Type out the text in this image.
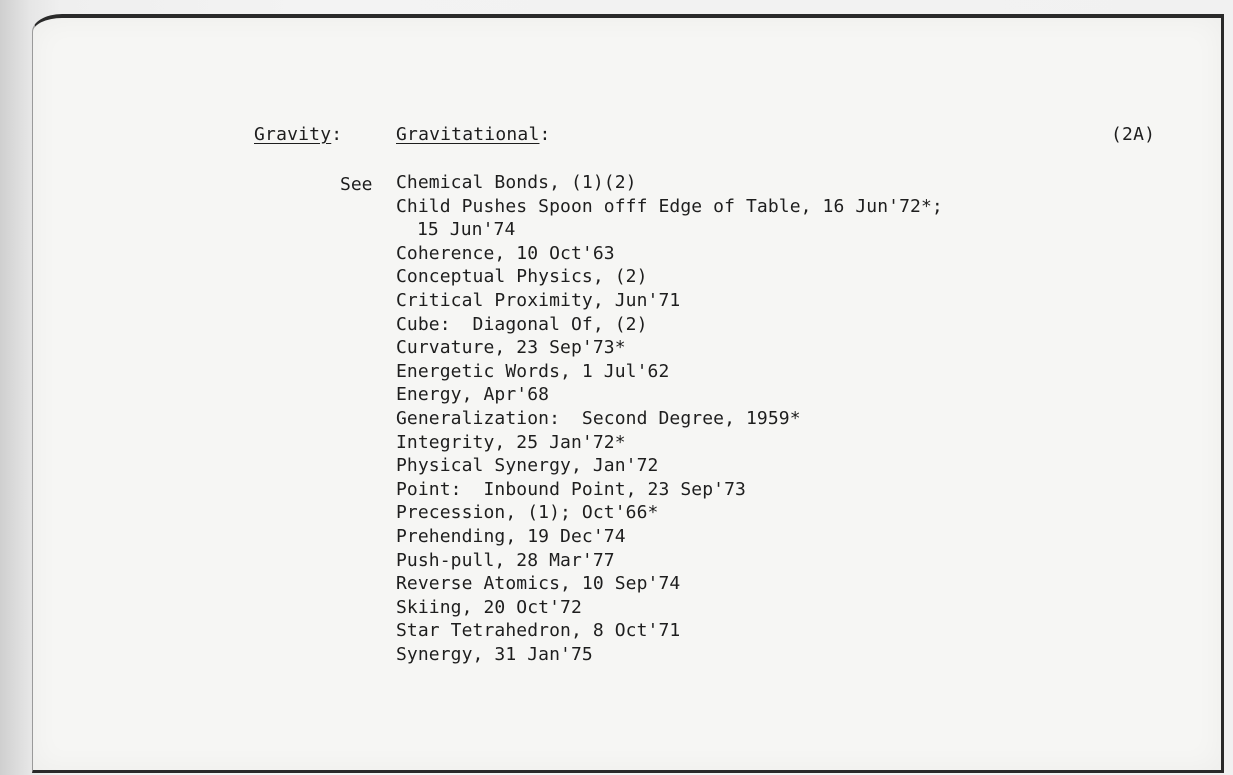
Gravity:	Gravitational:	(2A)
See Chemical Bonds, (1)(2)
Child Pushes Spoon offf Edge of Table, 16 Jun'72*;
15 Jun'74
Coherence, 10 Oct'63
Conceptual Physics, (2)
Critical Proximity, Jun'71
Cube:  Diagonal Of, (2)
Curvature, 23 Sep'73*
Energetic Words, 1 Jul'62
Energy, Apr'68
Generalization:  Second Degree, 1959*
Integrity, 25 Jan'72*
Physical Synergy, Jan'72
Point:  Inbound Point, 23 Sep'73
Precession, (1); Oct'66*
Prehending, 19 Dec'74
Push-pull, 28 Mar'77
Reverse Atomics, 10 Sep'74
Skiing, 20 Oct'72
Star Tetrahedron, 8 Oct'71
Synergy, 31 Jan'75
